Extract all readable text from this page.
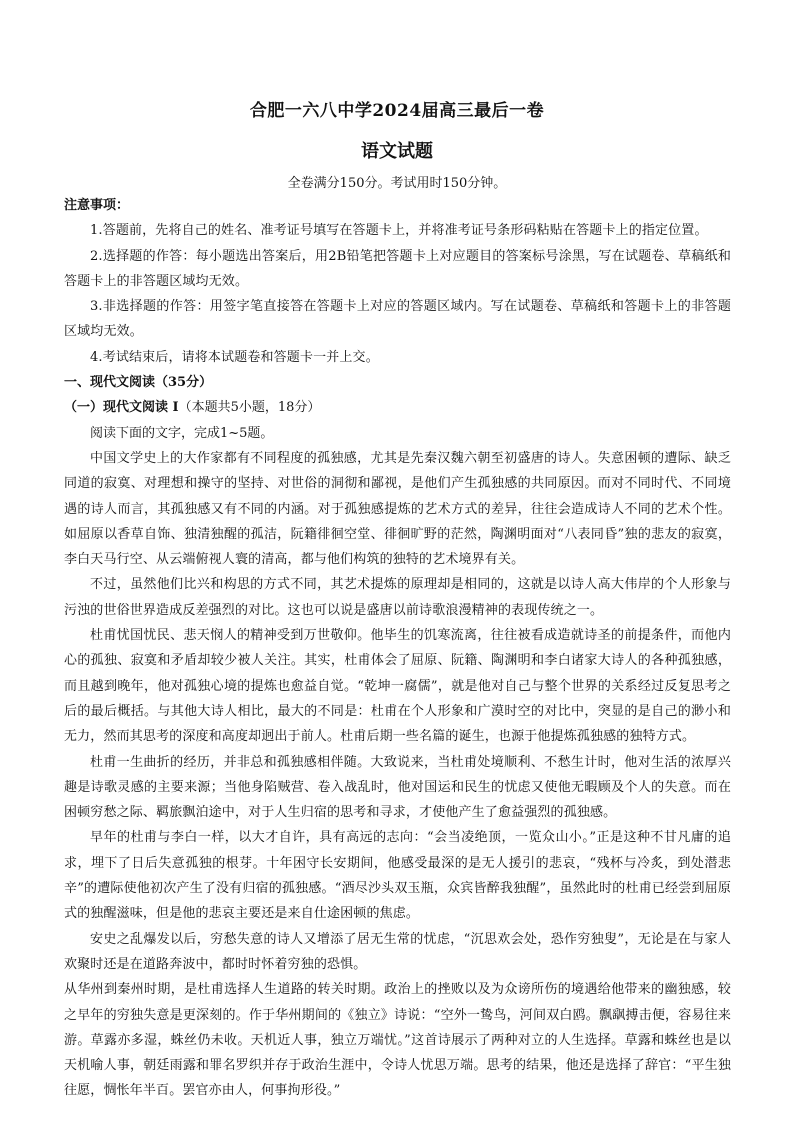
合肥一六八中学2024届高三最后一卷
语文试题
全卷满分150分。考试用时150分钟。

注意事项：

1.答题前，先将自己的姓名、准考证号填写在答题卡上，并将准考证号条形码粘贴在答题卡上的指定位置。

2.选择题的作答：每小题选出答案后，用2B铅笔把答题卡上对应题目的答案标号涂黑，写在试题卷、草稿纸和答题卡上的非答题区域均无效。

3.非选择题的作答：用签字笔直接答在答题卡上对应的答题区域内。写在试题卷、草稿纸和答题卡上的非答题区域均无效。

4.考试结束后，请将本试题卷和答题卡一并上交。

一、现代文阅读（35分）

（一）现代文阅读 I（本题共5小题，18分）

阅读下面的文字，完成1~5题。

中国文学史上的大作家都有不同程度的孤独感，尤其是先秦汉魏六朝至初盛唐的诗人。失意困顿的遭际、缺乏同道的寂寞、对理想和操守的坚持、对世俗的洞彻和鄙视，是他们产生孤独感的共同原因。而对不同时代、不同境遇的诗人而言，其孤独感又有不同的内涵。对于孤独感提炼的艺术方式的差异，往往会造成诗人不同的艺术个性。如屈原以香草自饰、独清独醒的孤洁，阮籍徘徊空堂、徘徊旷野的茫然，陶渊明面对“八表同昏”独的悲友的寂寞，李白天马行空、从云端俯视人寰的清高，都与他们构筑的独特的艺术境界有关。

不过，虽然他们比兴和构思的方式不同，其艺术提炼的原理却是相同的，这就是以诗人高大伟岸的个人形象与污浊的世俗世界造成反差强烈的对比。这也可以说是盛唐以前诗歌浪漫精神的表现传统之一。

杜甫忧国忧民、悲天悯人的精神受到万世敬仰。他毕生的饥寒流离，往往被看成造就诗圣的前提条件，而他内心的孤独、寂寞和矛盾却较少被人关注。其实，杜甫体会了屈原、阮籍、陶渊明和李白诸家大诗人的各种孤独感，而且越到晚年，他对孤独心境的提炼也愈益自觉。“乾坤一腐儒”，就是他对自己与整个世界的关系经过反复思考之后的最后概括。与其他大诗人相比，最大的不同是：杜甫在个人形象和广漠时空的对比中，突显的是自己的渺小和无力，然而其思考的深度和高度却迥出于前人。杜甫后期一些名篇的诞生，也源于他提炼孤独感的独特方式。

杜甫一生曲折的经历，并非总和孤独感相伴随。大致说来，当杜甫处境顺利、不愁生计时，他对生活的浓厚兴趣是诗歌灵感的主要来源；当他身陷贼营、卷入战乱时，他对国运和民生的忧虑又使他无暇顾及个人的失意。而在困顿穷愁之际、羁旅飘泊途中，对于人生归宿的思考和寻求，才使他产生了愈益强烈的孤独感。

早年的杜甫与李白一样，以大才自许，具有高远的志向：“会当凌绝顶，一览众山小。”正是这种不甘凡庸的追求，埋下了日后失意孤独的根芽。十年困守长安期间，他感受最深的是无人援引的悲哀，“残杯与冷炙，到处潜悲辛”的遭际使他初次产生了没有归宿的孤独感。“酒尽沙头双玉瓶，众宾皆醉我独醒”，虽然此时的杜甫已经尝到屈原式的独醒滋味，但是他的悲哀主要还是来自仕途困顿的焦虑。

安史之乱爆发以后，穷愁失意的诗人又增添了居无生常的忧虑，“沉思欢会处，恐作穷独叟”，无论是在与家人欢聚时还是在道路奔波中，都时时怀着穷独的恐惧。

从华州到秦州时期，是杜甫选择人生道路的转关时期。政治上的挫败以及为众谤所伤的境遇给他带来的幽独感，较之早年的穷独失意是更深刻的。作于华州期间的《独立》诗说：“空外一鸷鸟，河间双白鸥。飘飖搏击便，容易往来游。草露亦多湿，蛛丝仍未收。天机近人事，独立万端忧。”这首诗展示了两种对立的人生选择。草露和蛛丝也是以天机喻人事，朝廷雨露和罪名罗织并存于政治生涯中，令诗人忧思万端。思考的结果，他还是选择了辞官：“平生独往愿，惆怅年半百。罢官亦由人，何事拘形役。”
